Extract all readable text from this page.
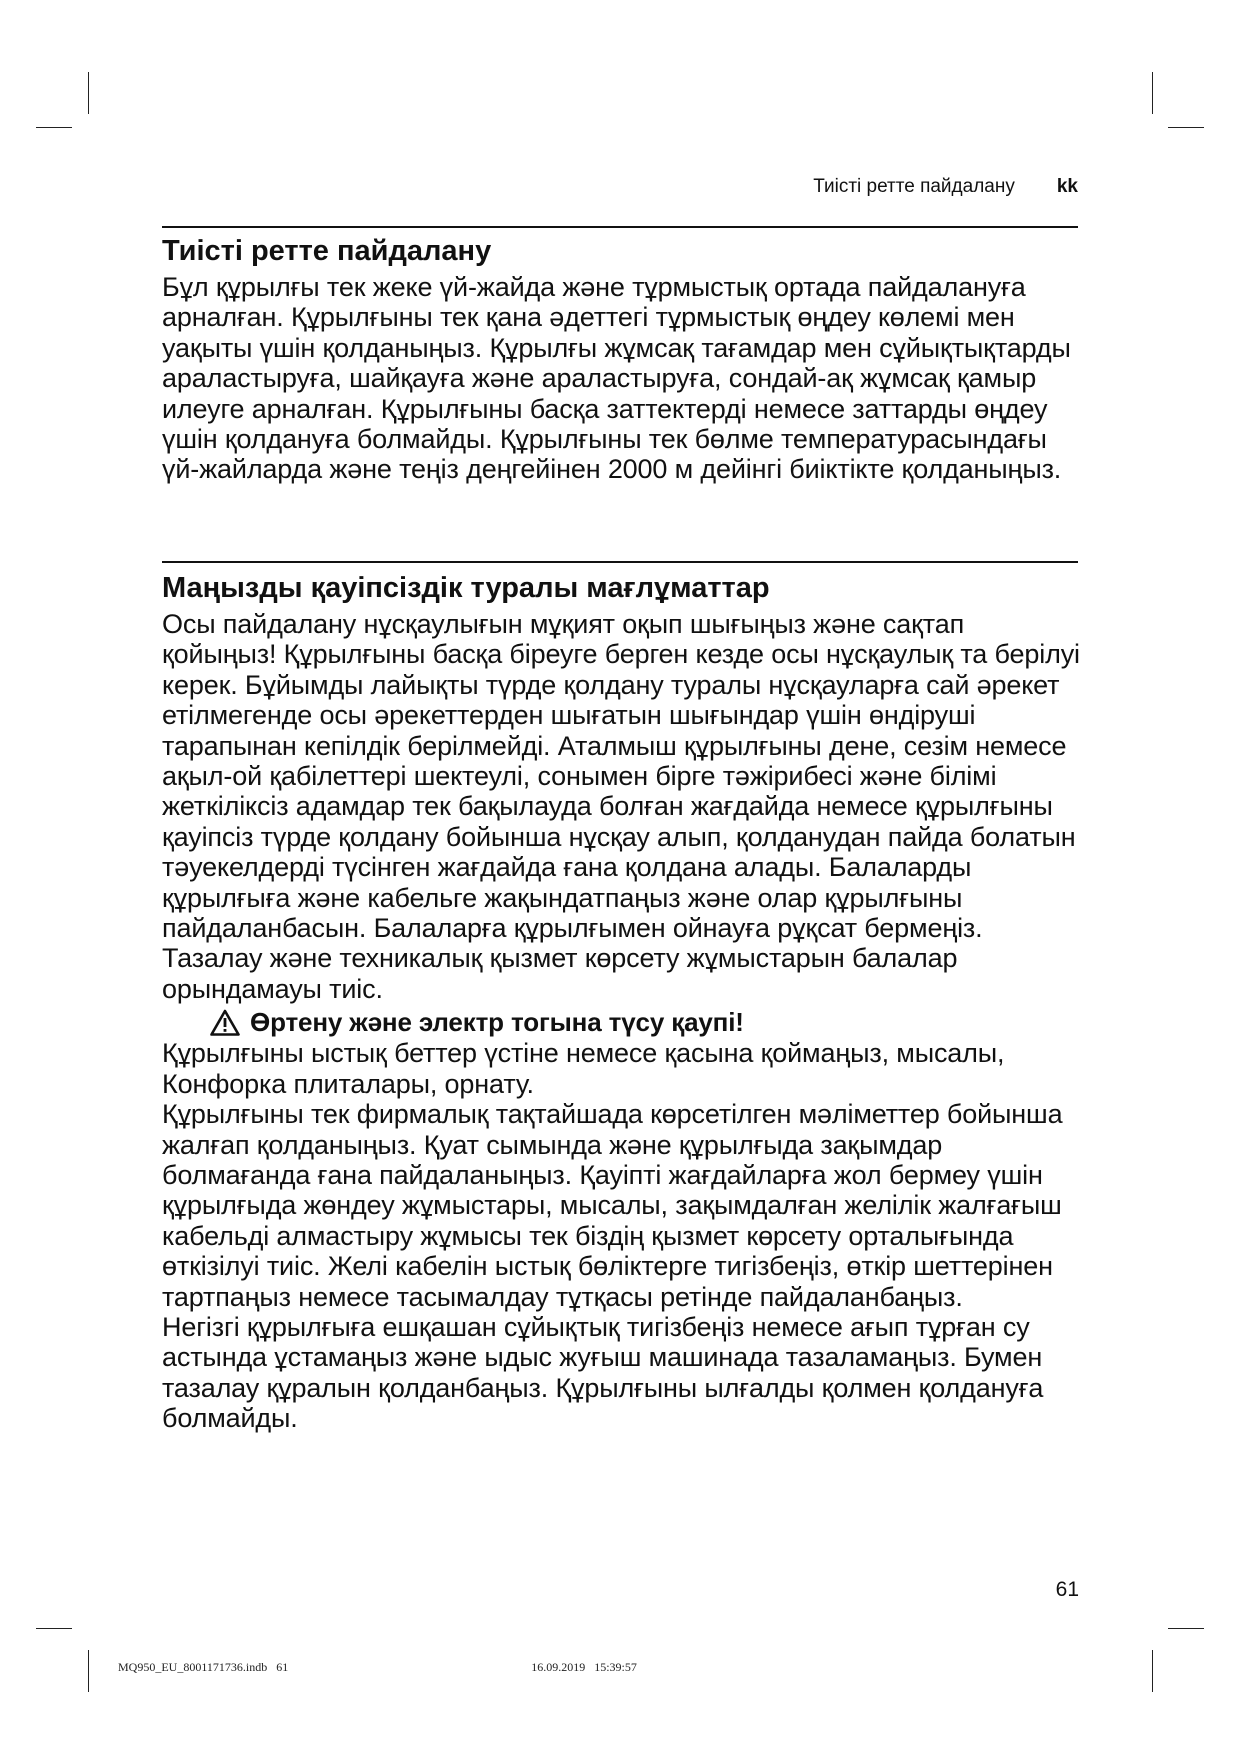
Тиісті ретте пайдалану kk
Тиісті ретте пайдалану

Бұл құрылғы тек жеке үй-жайда және тұрмыстық ортада пайдалануға арналған. Құрылғыны тек қана әдеттегі тұрмыстық өңдеу көлемі мен уақыты үшін қолданыңыз. Құрылғы жұмсақ тағамдар мен сұйықтықтарды араластыруға, шайқауға және араластыруға, сондай-ақ жұмсақ қамыр илеуге арналған. Құрылғыны басқа заттектерді немесе заттарды өңдеу үшін қолдануға болмайды. Құрылғыны тек бөлме температурасындағы үй-жайларда және теңіз деңгейінен 2000 м дейінгі биіктікте қолданыңыз.

Маңызды қауіпсіздік туралы мағлұматтар

Осы пайдалану нұсқаулығын мұқият оқып шығыңыз және сақтап қойыңыз! Құрылғыны басқа біреуге берген кезде осы нұсқаулық та берілуі керек. Бұйымды лайықты түрде қолдану туралы нұсқауларға сай әрекет етілмегенде осы әрекеттерден шығатын шығындар үшін өндіруші тарапынан кепілдік берілмейді. Аталмыш құрылғыны дене, сезім немесе ақыл-ой қабілеттері шектеулі, сонымен бірге тәжірибесі және білімі жеткіліксіз адамдар тек бақылауда болған жағдайда немесе құрылғыны қауіпсіз түрде қолдану бойынша нұсқау алып, қолданудан пайда болатын тәуекелдерді түсінген жағдайда ғана қолдана алады. Балаларды құрылғыға және кабельге жақындатпаңыз және олар құрылғыны пайдаланбасын. Балаларға құрылғымен ойнауға рұқсат бермеңіз. Тазалау және техникалық қызмет көрсету жұмыстарын балалар орындамауы тиіс.

Өртену және электр тогына түсу қаупі!

Құрылғыны ыстық беттер үстіне немесе қасына қоймаңыз, мысалы, Конфорка плиталары, орнату.

Құрылғыны тек фирмалық тақтайшада көрсетілген мәліметтер бойынша жалғап қолданыңыз. Қуат сымында және құрылғыда зақымдар болмағанда ғана пайдаланыңыз. Қауіпті жағдайларға жол бермеу үшін құрылғыда жөндеу жұмыстары, мысалы, зақымдалған желілік жалғағыш кабельді алмастыру жұмысы тек біздің қызмет көрсету орталығында өткізілуі тиіс. Желі кабелін ыстық бөліктерге тигізбеңіз, өткір шеттерінен тартпаңыз немесе тасымалдау тұтқасы ретінде пайдаланбаңыз.

Негізгі құрылғыға ешқашан сұйықтық тигізбеңіз немесе ағып тұрған су астында ұстамаңыз және ыдыс жуғыш машинада тазаламаңыз. Бумен тазалау құралын қолданбаңыз. Құрылғыны ылғалды қолмен қолдануға болмайды.

61
MQ950_EU_8001171736.indb   61                                                                                 16.09.2019   15:39:57
